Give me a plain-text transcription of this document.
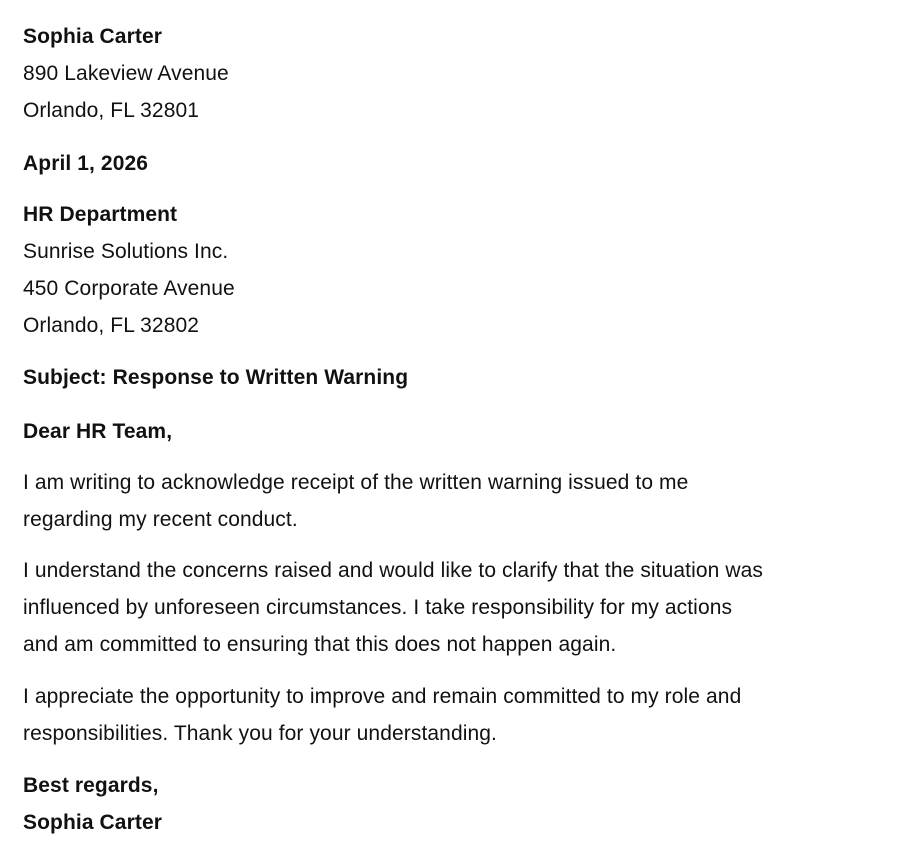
Sophia Carter
890 Lakeview Avenue
Orlando, FL 32801
April 1, 2026
HR Department
Sunrise Solutions Inc.
450 Corporate Avenue
Orlando, FL 32802
Subject: Response to Written Warning
Dear HR Team,
I am writing to acknowledge receipt of the written warning issued to me
regarding my recent conduct.
I understand the concerns raised and would like to clarify that the situation was
influenced by unforeseen circumstances. I take responsibility for my actions
and am committed to ensuring that this does not happen again.
I appreciate the opportunity to improve and remain committed to my role and
responsibilities. Thank you for your understanding.
Best regards,
Sophia Carter
